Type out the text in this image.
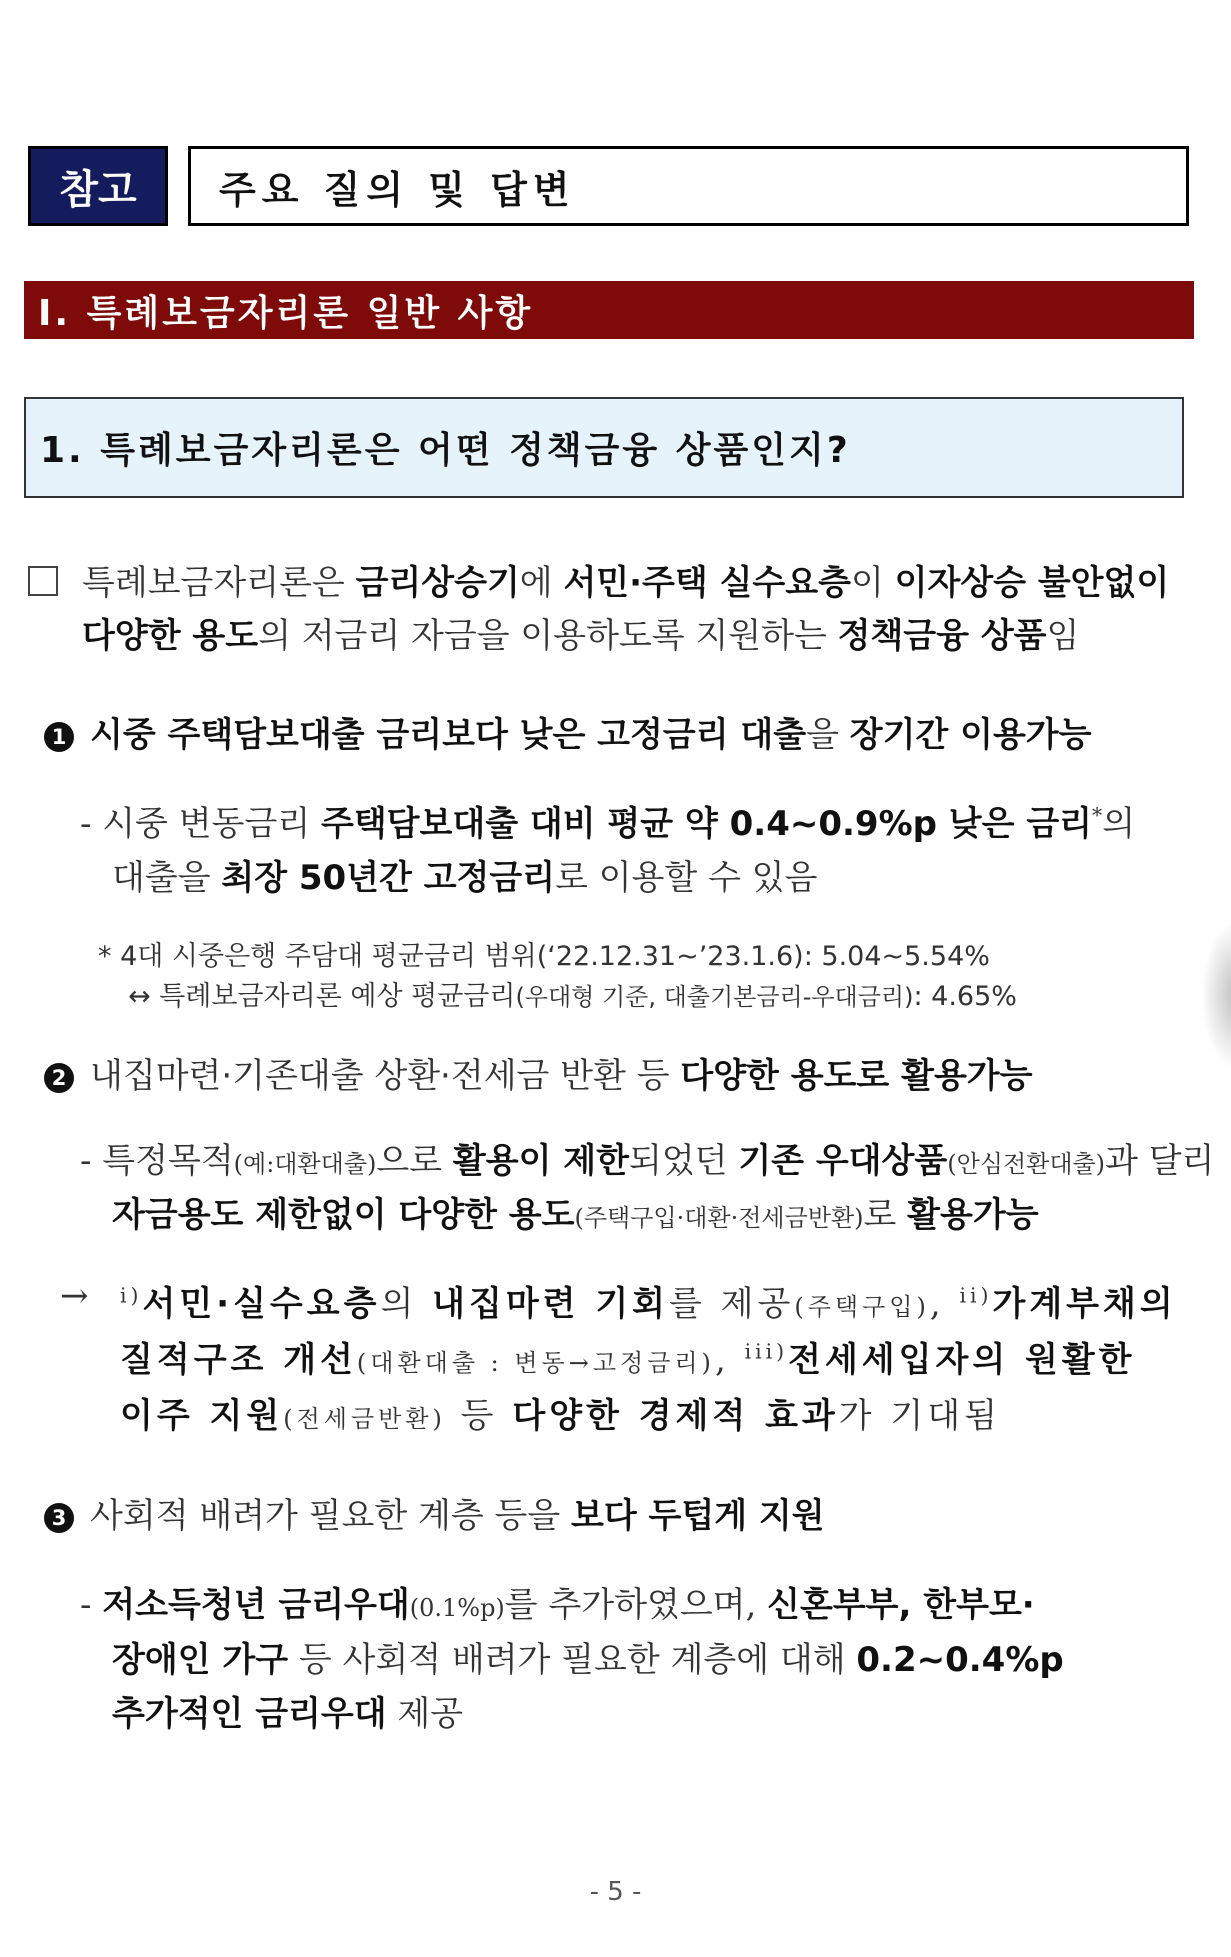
참고	주요 질의 및 답변
Ⅰ. 특례보금자리론 일반 사항
1. 특례보금자리론은 어떤 정책금융 상품인지?
특례보금자리론은 금리상승기에 서민·주택 실수요층이 이자상승 불안없이
다양한 용도의 저금리 자금을 이용하도록 지원하는 정책금융 상품임
1 시중 주택담보대출 금리보다 낮은 고정금리 대출을 장기간 이용가능
- 시중 변동금리 주택담보대출 대비 평균 약 0.4~0.9%p 낮은 금리*의
대출을 최장 50년간 고정금리로 이용할 수 있음
* 4대 시중은행 주담대 평균금리 범위(‘22.12.31~’23.1.6): 5.04~5.54%
↔ 특례보금자리론 예상 평균금리(우대형 기준, 대출기본금리-우대금리): 4.65%
2 내집마련·기존대출 상환·전세금 반환 등 다양한 용도로 활용가능
- 특정목적(예:대환대출)으로 활용이 제한되었던 기존 우대상품(안심전환대출)과 달리
자금용도 제한없이 다양한 용도(주택구입·대환·전세금반환)로 활용가능
→ $^{i)}$서민·실수요층의 내집마련 기회를 제공(주택구입), $^{ii)}$가계부채의
질적구조 개선(대환대출 : 변동→고정금리), $^{iii)}$전세세입자의 원활한
이주 지원(전세금반환) 등 다양한 경제적 효과가 기대됨
3 사회적 배려가 필요한 계층 등을 보다 두텁게 지원
- 저소득청년 금리우대(0.1%p)를 추가하였으며, 신혼부부, 한부모·
장애인 가구 등 사회적 배려가 필요한 계층에 대해 0.2~0.4%p
추가적인 금리우대 제공
- 5 -
